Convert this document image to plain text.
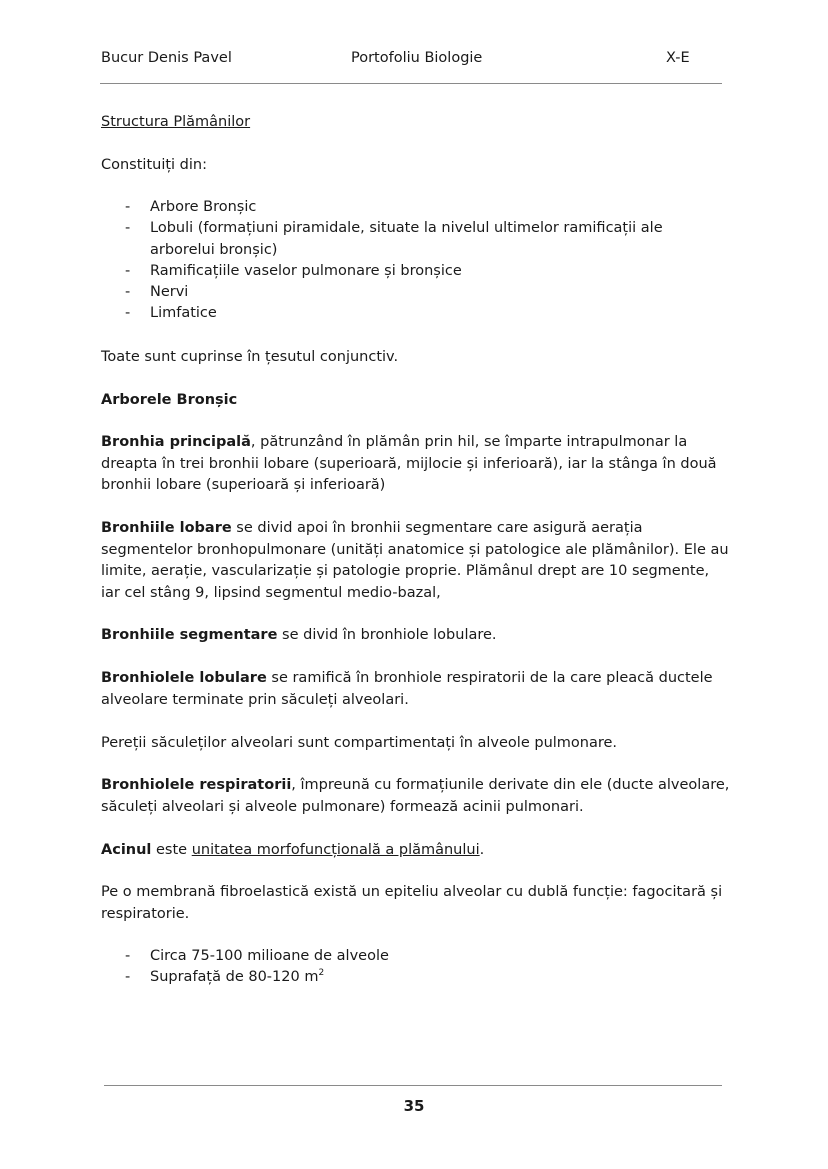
Bucur Denis Pavel	Portofoliu Biologie	X-E

Structura Plămânilor

Constituiți din:

- Arbore Bronșic
- Lobuli (formațiuni piramidale, situate la nivelul ultimelor ramificații ale arborelui bronșic)
- Ramificațiile vaselor pulmonare și bronșice
- Nervi
- Limfatice

Toate sunt cuprinse în țesutul conjunctiv.

Arborele Bronșic

Bronhia principală, pătrunzând în plămân prin hil, se împarte intrapulmonar la dreapta în trei bronhii lobare (superioară, mijlocie și inferioară), iar la stânga în două bronhii lobare (superioară și inferioară)

Bronhiile lobare se divid apoi în bronhii segmentare care asigură aerația segmentelor bronhopulmonare (unități anatomice și patologice ale plămânilor). Ele au limite, aerație, vascularizație și patologie proprie. Plămânul drept are 10 segmente, iar cel stâng 9, lipsind segmentul medio-bazal,

Bronhiile segmentare se divid în bronhiole lobulare.

Bronhiolele lobulare se ramifică în bronhiole respiratorii de la care pleacă ductele alveolare terminate prin săculeți alveolari.

Pereții săculeților alveolari sunt compartimentați în alveole pulmonare.

Bronhiolele respiratorii, împreună cu formațiunile derivate din ele (ducte alveolare, săculeți alveolari și alveole pulmonare) formează acinii pulmonari.

Acinul este unitatea morfofuncțională a plămânului.

Pe o membrană fibroelastică există un epiteliu alveolar cu dublă funcție: fagocitară și respiratorie.

- Circa 75-100 milioane de alveole
- Suprafață de 80-120 $m^2$
35
